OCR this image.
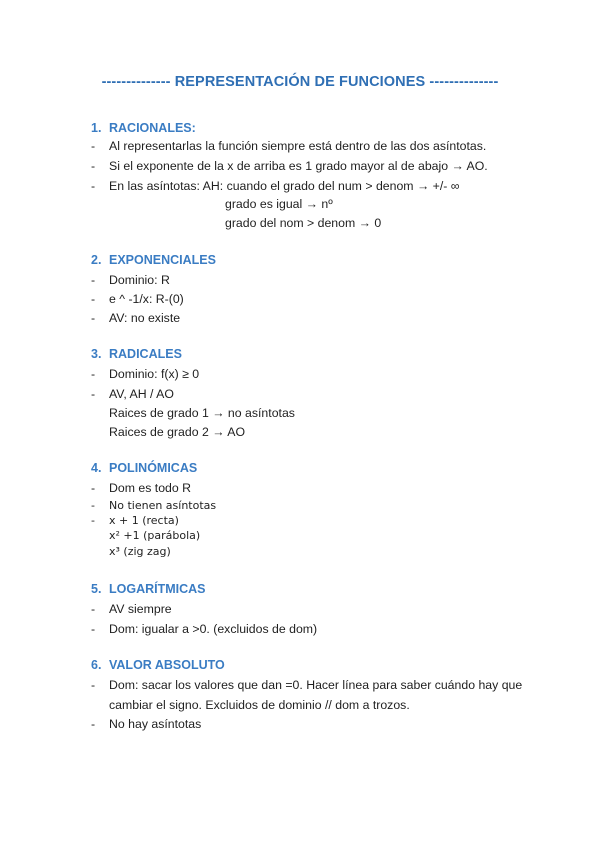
-------------- REPRESENTACIÓN DE FUNCIONES --------------
1. RACIONALES:
- Al representarlas la función siempre está dentro de las dos asíntotas.
- Si el exponente de la x de arriba es 1 grado mayor al de abajo → AO.
- En las asíntotas: AH: cuando el grado del num > denom → +/- ∞
grado es igual → nº
grado del nom > denom → 0
2. EXPONENCIALES
- Dominio: R
- e ^ -1/x: R-(0)
- AV: no existe
3. RADICALES
- Dominio: f(x) ≥ 0
- AV, AH / AO
Raices de grado 1 → no asíntotas
Raices de grado 2 → AO
4. POLINÓMICAS
- Dom es todo R
- No tienen asíntotas
- x + 1 (recta)
x² +1 (parábola)
x³ (zig zag)
5. LOGARÍTMICAS
- AV siempre
- Dom: igualar a >0. (excluidos de dom)
6. VALOR ABSOLUTO
- Dom: sacar los valores que dan =0. Hacer línea para saber cuándo hay que
cambiar el signo. Excluidos de dominio // dom a trozos.
- No hay asíntotas
